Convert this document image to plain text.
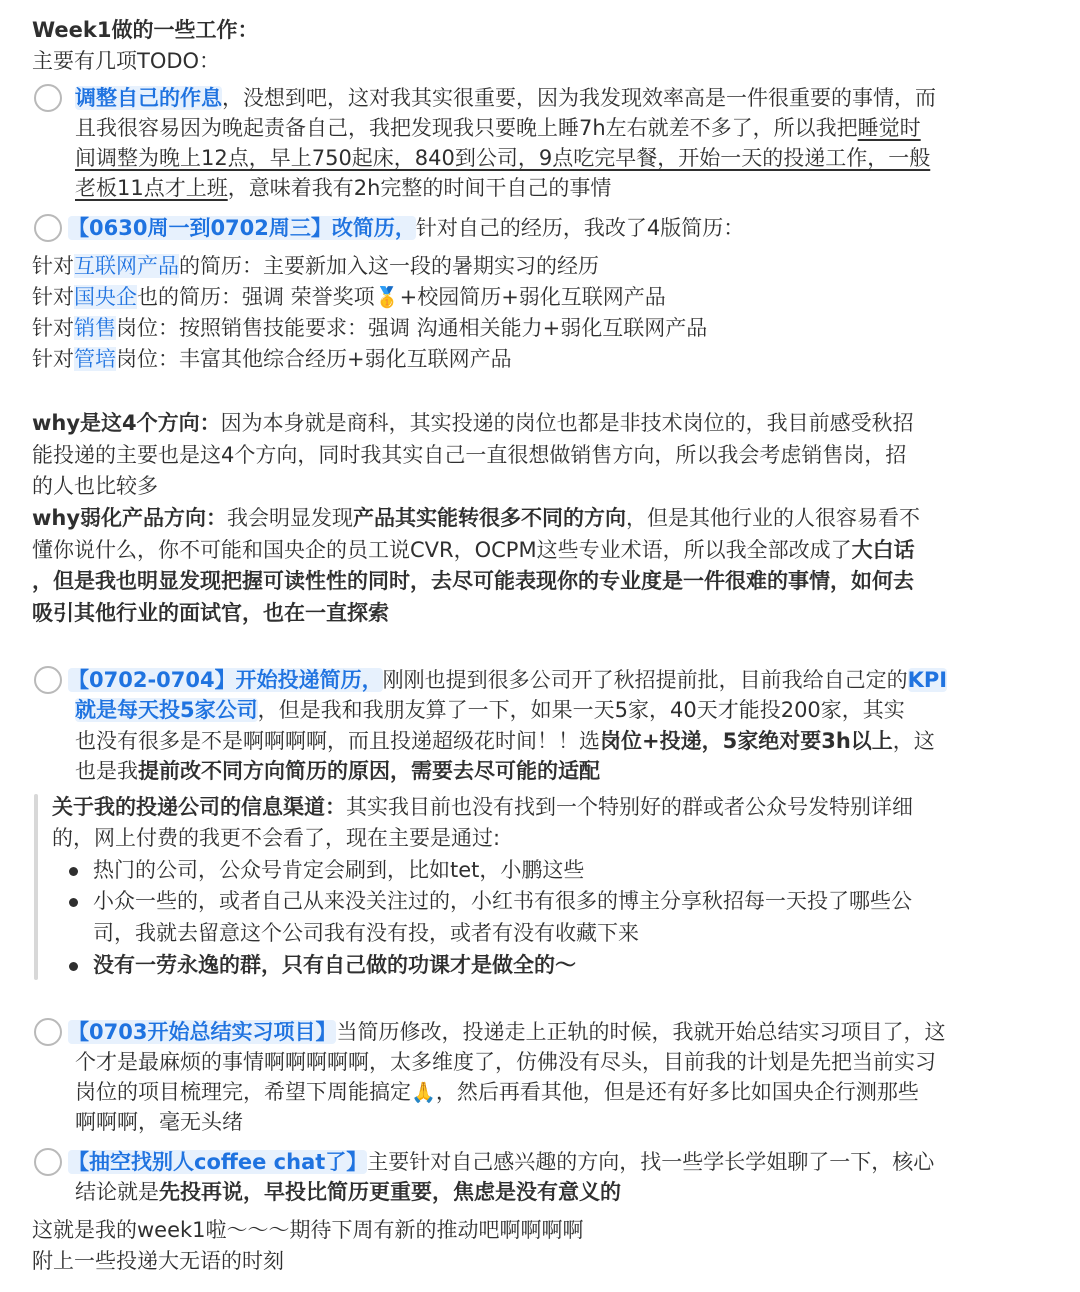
Week1做的一些工作：
主要有几项TODO：
调整自己的作息，没想到吧，这对我其实很重要，因为我发现效率高是一件很重要的事情，而
且我很容易因为晚起责备自己，我把发现我只要晚上睡7h左右就差不多了，所以我把睡觉时
间调整为晚上12点，早上750起床，840到公司，9点吃完早餐，开始一天的投递工作，一般
老板11点才上班，意味着我有2h完整的时间干自己的事情
【0630周一到0702周三】改简历，针对自己的经历，我改了4版简历：
针对互联网产品的简历：主要新加入这一段的暑期实习的经历
针对国央企也的简历：强调 荣誉奖项🥇+校园简历+弱化互联网产品
针对销售岗位：按照销售技能要求：强调 沟通相关能力+弱化互联网产品
针对管培岗位：丰富其他综合经历+弱化互联网产品
why是这4个方向：因为本身就是商科，其实投递的岗位也都是非技术岗位的，我目前感受秋招
能投递的主要也是这4个方向，同时我其实自己一直很想做销售方向，所以我会考虑销售岗，招
的人也比较多
why弱化产品方向：我会明显发现产品其实能转很多不同的方向，但是其他行业的人很容易看不
懂你说什么，你不可能和国央企的员工说CVR，OCPM这些专业术语，所以我全部改成了大白话
，但是我也明显发现把握可读性性的同时，去尽可能表现你的专业度是一件很难的事情，如何去
吸引其他行业的面试官，也在一直探索
【0702-0704】开始投递简历，刚刚也提到很多公司开了秋招提前批，目前我给自己定的KPI
就是每天投5家公司，但是我和我朋友算了一下，如果一天5家，40天才能投200家，其实
也没有很多是不是啊啊啊啊，而且投递超级花时间！！选岗位+投递，5家绝对要3h以上，这
也是我提前改不同方向简历的原因，需要去尽可能的适配
关于我的投递公司的信息渠道：其实我目前也没有找到一个特别好的群或者公众号发特别详细
的，网上付费的我更不会看了，现在主要是通过:
热门的公司，公众号肯定会刷到，比如tet，小鹏这些
小众一些的，或者自己从来没关注过的，小红书有很多的博主分享秋招每一天投了哪些公
司，我就去留意这个公司我有没有投，或者有没有收藏下来
没有一劳永逸的群，只有自己做的功课才是做全的～
【0703开始总结实习项目】当简历修改，投递走上正轨的时候，我就开始总结实习项目了，这
个才是最麻烦的事情啊啊啊啊啊，太多维度了，仿佛没有尽头，目前我的计划是先把当前实习
岗位的项目梳理完，希望下周能搞定🙏，然后再看其他，但是还有好多比如国央企行测那些
啊啊啊，毫无头绪
【抽空找别人coffee chat了】主要针对自己感兴趣的方向，找一些学长学姐聊了一下，核心
结论就是先投再说，早投比简历更重要，焦虑是没有意义的
这就是我的week1啦～～～期待下周有新的推动吧啊啊啊啊
附上一些投递大无语的时刻
